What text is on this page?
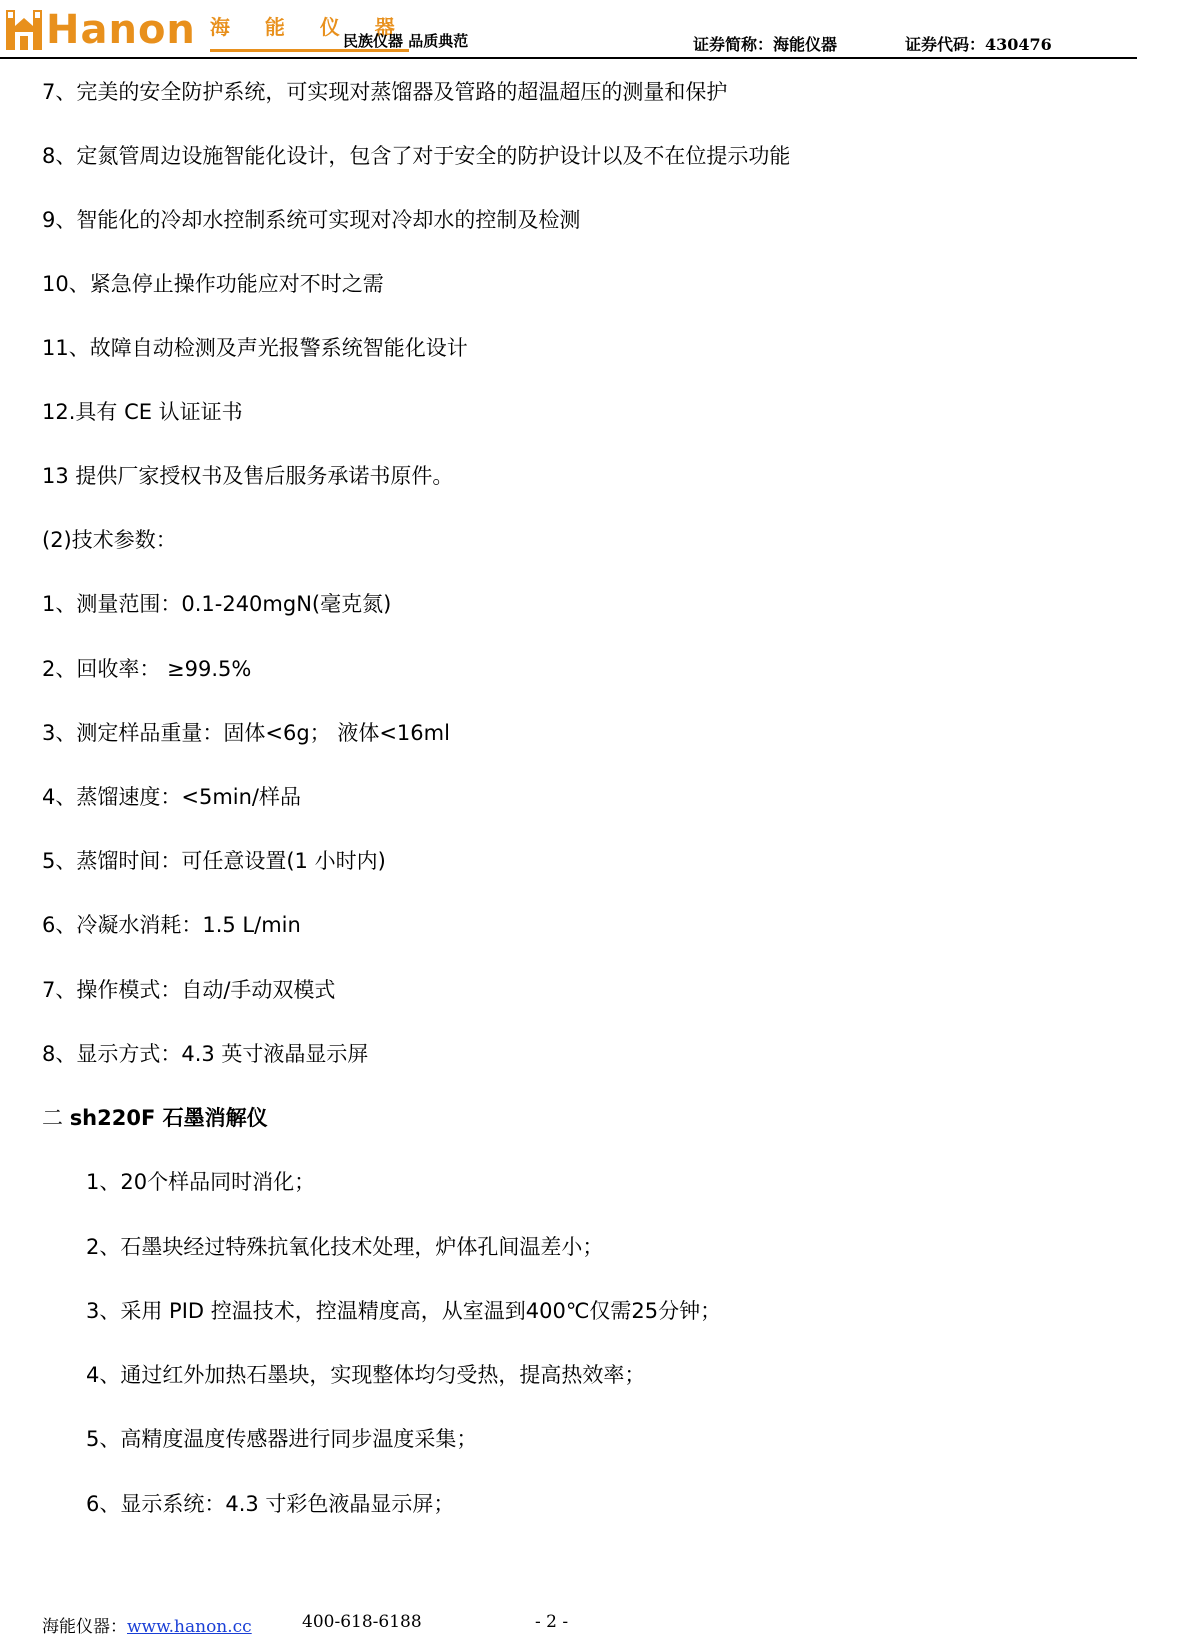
Hanon 海 能 仪 器
民族仪器 品质典范	证券简称：海能仪器	证券代码：430476
7、完美的安全防护系统，可实现对蒸馏器及管路的超温超压的测量和保护
8、定氮管周边设施智能化设计，包含了对于安全的防护设计以及不在位提示功能
9、智能化的冷却水控制系统可实现对冷却水的控制及检测
10、紧急停止操作功能应对不时之需
11、故障自动检测及声光报警系统智能化设计
12.具有 CE 认证证书
13 提供厂家授权书及售后服务承诺书原件。
(2)技术参数：
1、测量范围：0.1-240mgN(毫克氮)
2、回收率： ≥99.5%
3、测定样品重量：固体<6g； 液体<16ml
4、蒸馏速度：<5min/样品
5、蒸馏时间：可任意设置(1 小时内)
6、冷凝水消耗：1.5 L/min
7、操作模式：自动/手动双模式
8、显示方式：4.3 英寸液晶显示屏
二 sh220F 石墨消解仪
1、20个样品同时消化；
2、石墨块经过特殊抗氧化技术处理，炉体孔间温差小；
3、采用 PID 控温技术，控温精度高，从室温到400℃仅需25分钟；
4、通过红外加热石墨块，实现整体均匀受热，提高热效率；
5、高精度温度传感器进行同步温度采集；
6、显示系统：4.3 寸彩色液晶显示屏；
海能仪器：www.hanon.cc	400-618-6188	- 2 -
